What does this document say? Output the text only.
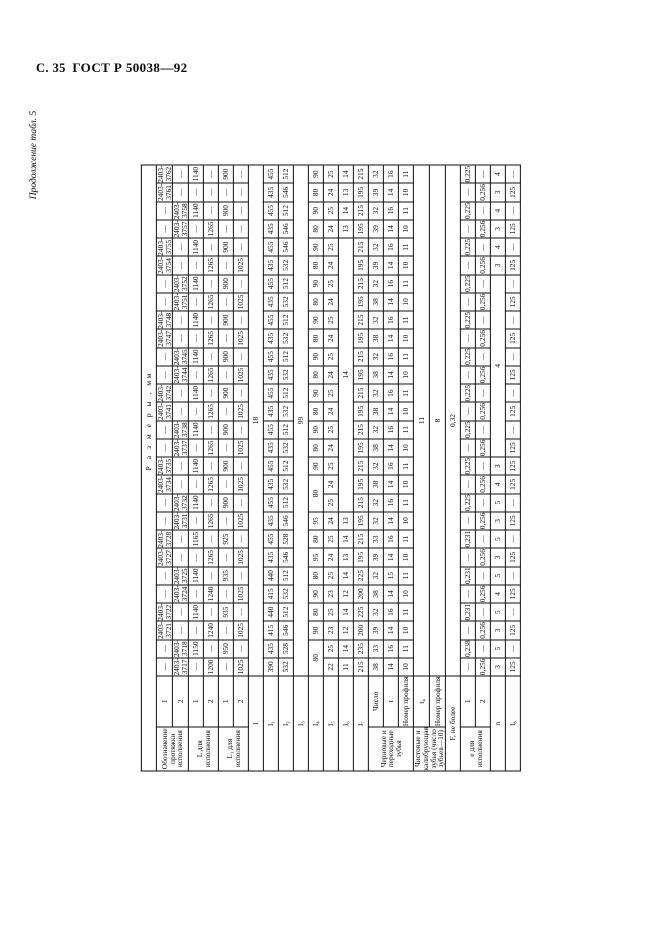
С. 35 ГОСТ Р 50038—92
Продолжение табл. 5
		Р а з м е р ы , мм																											
Обозначение протяжки исполнения	1	—	—	2403-3721	2403-3722	—	—	2403-3727	2403-3728	—	—	2403-3734	2403-3735	—	—	2403-3741	2403-3742	—	—	2403-3747	2403-3748	—	—	2403-3754	2403-3755	—	—	2403-3761	2403-3762
	2	2403-3717	2403-3718	—	—	2403-3724	2403-3725	—	—	2403-3731	2403-3732	—	—	2403-3737	2403-3738	—	—	2403-3744	2403-3745	—	—	2403-3751	2403-3752	—	—	2403-3757	2403-3758	—	—
L для исполнения	1	—	1150	—	1140	—	1140	—	1165	—	1140	—	1140	—	1140	—	1140	—	1140	—	1140	—	1140	—	1140	—	1140	—	1140
	2	1200	—	1240	—	1240	—	1265	—	1265	—	1265	—	1265	—	1265	—	1265	—	1265	—	1265	—	1265	—	1265	—	—	—
L₁ для исполнения	1	—	950	—	935	—	935	—	925	—	900	—	900	—	900	—	900	—	900	—	900	—	900	—	900	—	900	—	900
	2	1025	—	1025	—	1025	—	1025	—	1025	—	1025	—	1025	—	1025	—	1025	—	1025	—	1025	—	1025	—	—	—	—	—
l		18																											
l₁		390	435	415	440	415	440	435	455	435	455	435	455	435	455	435	455	435	455	435	455	435	455	435	455	435	455	435	455
l₂		532	528	546	512	532	512	546	528	546	512	532	512	532	512	532	512	532	512	532	512	532	512	532	546	546	512	546	512
l₃		99																											
l₄		80		90	80	90	80	95	80	95	80		90	80	90	80	90	80	90	80	90	80	90	80	90	80	90	80	90
l₅		22	25	23	25	23	25	24	25	24	25	24	25	24	25	24	25	24	25	24	25	24	25	24	25	24	25	24	25
l₆		11	14	12	14	12	14	13	14	13	14															13	14	13	14
l₇		215	235	200	225	200	225	195	215	195	215	195	215	195	215	195	215	195	215	195	215	195	215	195	215	195	215	195	215
Черновые и переходные зубья	Число	38	33	39	32	38	32	39	33	32	32	38	32	38	32	38	32	38	32	38	32	38	32	39	32	39	32	39	32
	t	14	16	14	16	14	15	14	16	14	16	14	16	14	16	14	16	14	16	14	16	14	16	14	16	14	16	14	16
	Номер профиля	10	11	10	11	10	11	10	11	10	11	10	11	10	11	10	11	10	11	10	11	10	11	10	11	10	11	10	11
Чистовые и калибрующая зубья (число зубьев—10)	t₄	11																											
	Номер профиля	8																											
F, не более		0,32																											
e для исполнения	1	—	0,238	—	0,231	—	0,231	—	0,231	—	0,225	—	0,225	—	0,225	—	0,225	—	0,225	—	0,225	—	0,225	—	0,225	—	0,225	—	0,225
	2	0,256	—	0,256	—	0,256	—	0,256	—	0,256	—	0,256	—	0,256	—	0,256	—	0,256	—	0,256	—	0,256	—	0,256	—	0,256	—	0,256	—
n		3	5	3	5	4	5	3	5	3	5	4	3	4										3	4	3	4	3	4
l₈		125	—	125	—	125	—	125	—	125	—	125	125	125	—	125	—	125	—	125	—	125	—	125	—	125	—	125	—
